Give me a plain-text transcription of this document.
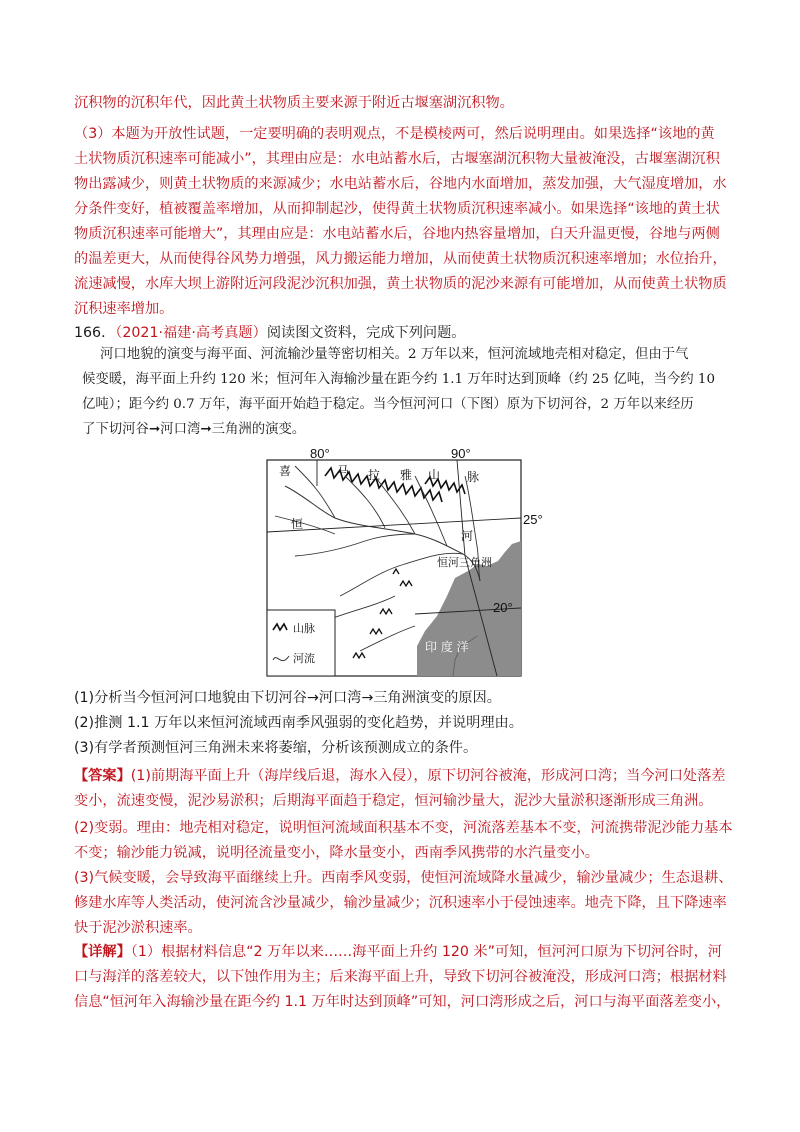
沉积物的沉积年代，因此黄土状物质主要来源于附近古堰塞湖沉积物。
（3）本题为开放性试题，一定要明确的表明观点，不是模棱两可，然后说明理由。如果选择“该地的黄
土状物质沉积速率可能减小”，其理由应是：水电站蓄水后，古堰塞湖沉积物大量被淹没，古堰塞湖沉积
物出露减少，则黄土状物质的来源减少；水电站蓄水后，谷地内水面增加，蒸发加强，大气湿度增加，水
分条件变好，植被覆盖率增加，从而抑制起沙，使得黄土状物质沉积速率减小。如果选择“该地的黄土状
物质沉积速率可能增大”，其理由应是：水电站蓄水后，谷地内热容量增加，白天升温更慢，谷地与两侧
的温差更大，从而使得谷风势力增强，风力搬运能力增加，从而使黄土状物质沉积速率增加；水位抬升，
流速减慢，水库大坝上游附近河段泥沙沉积加强，黄土状物质的泥沙来源有可能增加，从而使黄土状物质
沉积速率增加。
166．（2021·福建·高考真题）阅读图文资料，完成下列问题。
河口地貌的演变与海平面、河流输沙量等密切相关。2 万年以来，恒河流域地壳相对稳定，但由于气
候变暖，海平面上升约 120 米；恒河年入海输沙量在距今约 1.1 万年时达到顶峰（约 25 亿吨，当今约 10
亿吨）；距今约 0.7 万年，海平面开始趋于稳定。当今恒河河口（下图）原为下切河谷，2 万年以来经历
了下切河谷➞河口湾➞三角洲的演变。
80°	90°
25°
20°
喜	马 拉 雅 山 脉
恒
河
恒河三角洲
印 度 洋
山脉
河流
(1)分析当今恒河河口地貌由下切河谷→河口湾→三角洲演变的原因。
(2)推测 1.1 万年以来恒河流域西南季风强弱的变化趋势，并说明理由。
(3)有学者预测恒河三角洲未来将萎缩，分析该预测成立的条件。
【答案】(1)前期海平面上升（海岸线后退，海水入侵），原下切河谷被淹，形成河口湾；当今河口处落差
变小，流速变慢，泥沙易淤积；后期海平面趋于稳定，恒河输沙量大，泥沙大量淤积逐渐形成三角洲。
(2)变弱。理由：地壳相对稳定，说明恒河流域面积基本不变，河流落差基本不变，河流携带泥沙能力基本
不变；输沙能力锐减，说明径流量变小，降水量变小，西南季风携带的水汽量变小。
(3)气候变暖，会导致海平面继续上升。西南季风变弱，使恒河流域降水量减少，输沙量减少；生态退耕、
修建水库等人类活动，使河流含沙量减少，输沙量减少；沉积速率小于侵蚀速率。地壳下降，且下降速率
快于泥沙淤积速率。
【详解】（1）根据材料信息“2 万年以来……海平面上升约 120 米”可知，恒河河口原为下切河谷时，河
口与海洋的落差较大，以下蚀作用为主；后来海平面上升，导致下切河谷被淹没，形成河口湾；根据材料
信息“恒河年入海输沙量在距今约 1.1 万年时达到顶峰”可知，河口湾形成之后，河口与海平面落差变小，
